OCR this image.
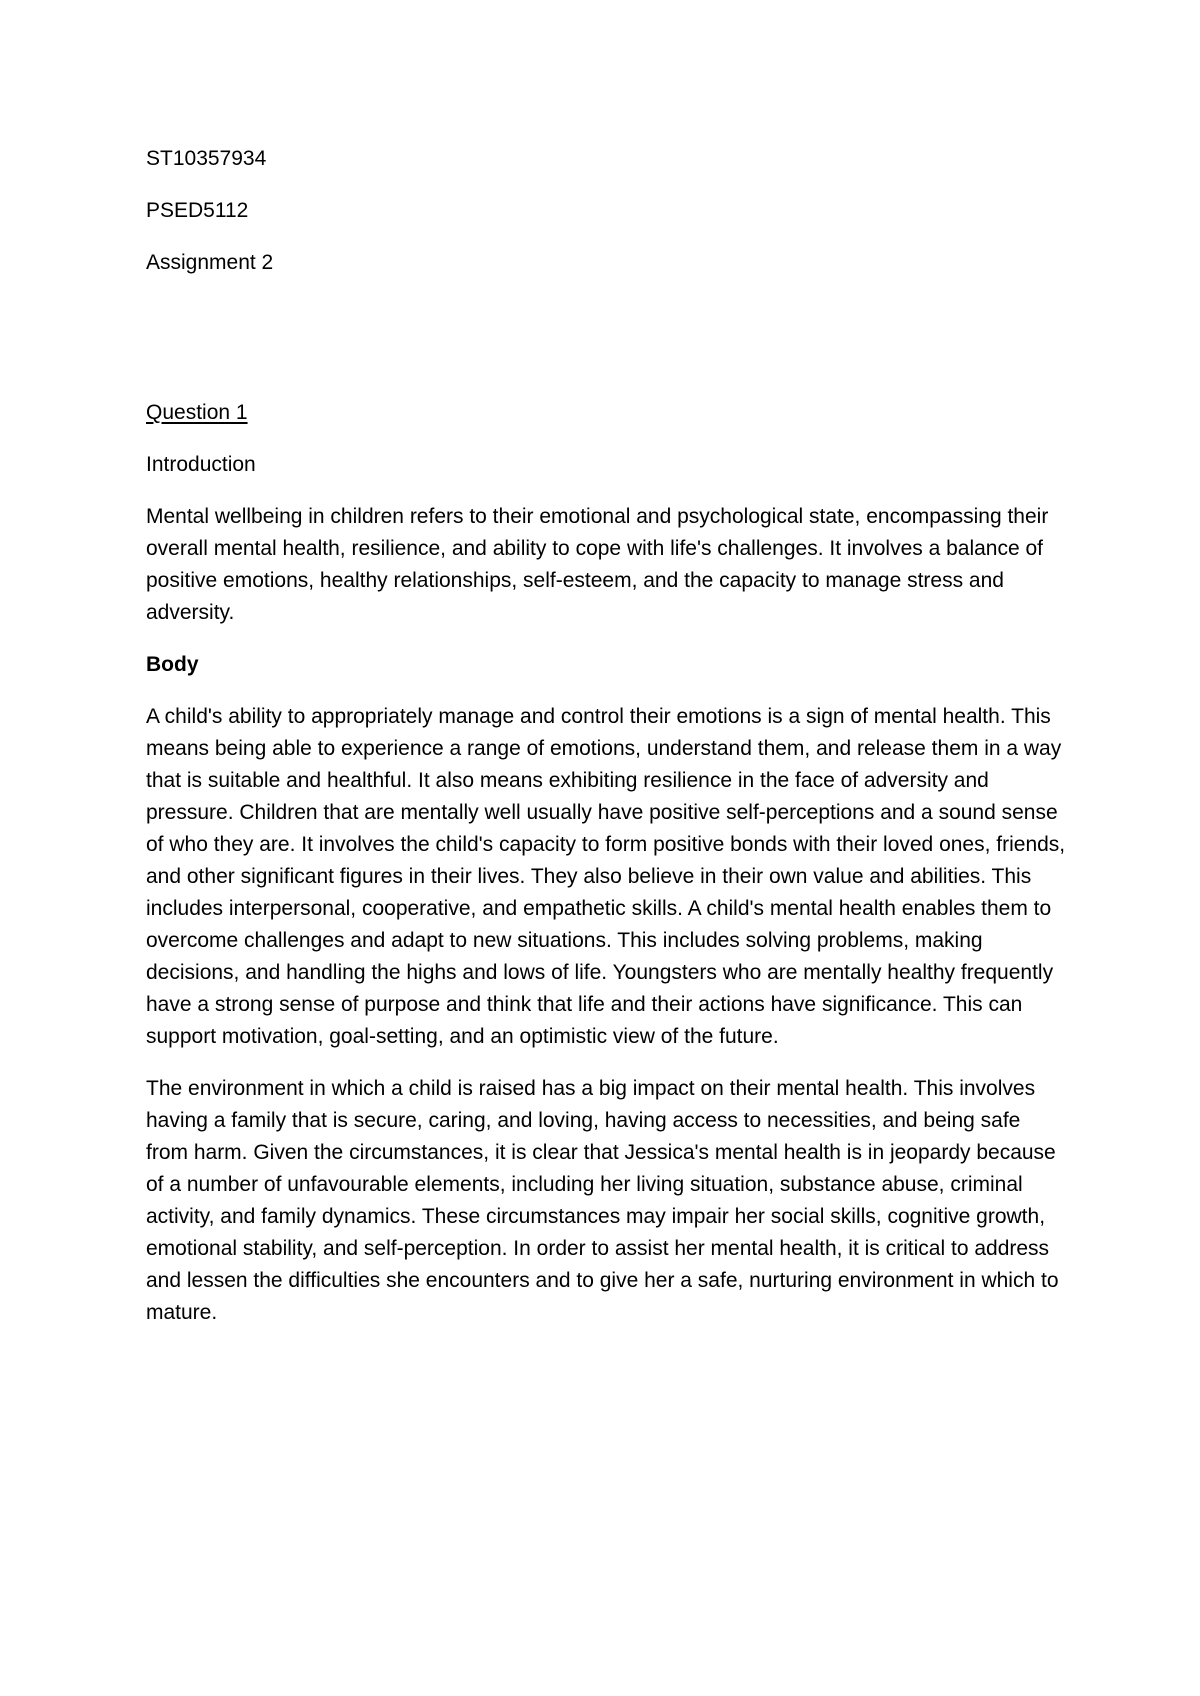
ST10357934
PSED5112
Assignment 2
Question 1
Introduction

Mental wellbeing in children refers to their emotional and psychological state, encompassing their overall mental health, resilience, and ability to cope with life's challenges. It involves a balance of positive emotions, healthy relationships, self-esteem, and the capacity to manage stress and adversity.

Body

A child's ability to appropriately manage and control their emotions is a sign of mental health. This means being able to experience a range of emotions, understand them, and release them in a way that is suitable and healthful. It also means exhibiting resilience in the face of adversity and pressure. Children that are mentally well usually have positive self-perceptions and a sound sense of who they are. It involves the child's capacity to form positive bonds with their loved ones, friends, and other significant figures in their lives. They also believe in their own value and abilities. This includes interpersonal, cooperative, and empathetic skills. A child's mental health enables them to overcome challenges and adapt to new situations. This includes solving problems, making decisions, and handling the highs and lows of life. Youngsters who are mentally healthy frequently have a strong sense of purpose and think that life and their actions have significance. This can support motivation, goal-setting, and an optimistic view of the future.

The environment in which a child is raised has a big impact on their mental health. This involves having a family that is secure, caring, and loving, having access to necessities, and being safe from harm. Given the circumstances, it is clear that Jessica's mental health is in jeopardy because of a number of unfavourable elements, including her living situation, substance abuse, criminal activity, and family dynamics. These circumstances may impair her social skills, cognitive growth, emotional stability, and self-perception. In order to assist her mental health, it is critical to address and lessen the difficulties she encounters and to give her a safe, nurturing environment in which to mature.
